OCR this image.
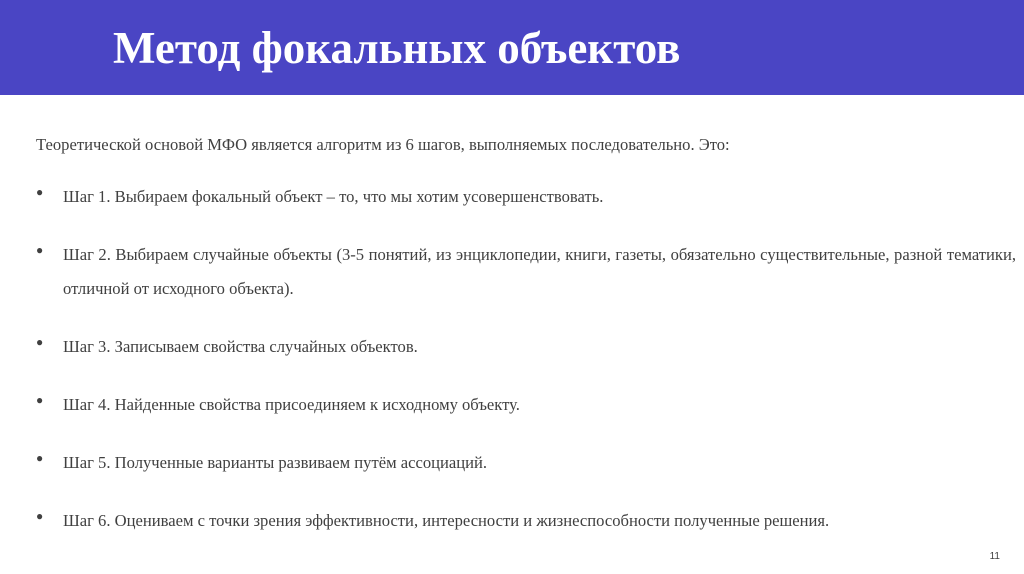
Метод фокальных объектов

Теоретической основой МФО является алгоритм из 6 шагов, выполняемых последовательно. Это:

● Шаг 1. Выбираем фокальный объект – то, что мы хотим усовершенствовать.
● Шаг 2. Выбираем случайные объекты (3-5 понятий, из энциклопедии, книги, газеты, обязательно существительные, разной тематики, отличной от исходного объекта).
● Шаг 3. Записываем свойства случайных объектов.
● Шаг 4. Найденные свойства присоединяем к исходному объекту.
● Шаг 5. Полученные варианты развиваем путём ассоциаций.
● Шаг 6. Оцениваем с точки зрения эффективности, интересности и жизнеспособности полученные решения.
11
